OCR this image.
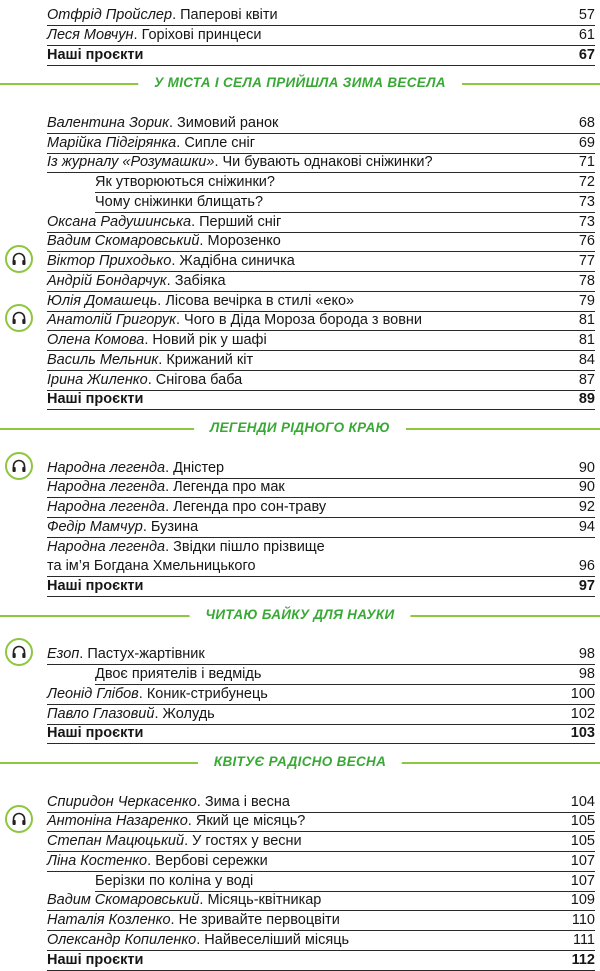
Отфрід Пройслер. Паперові квіти	57
Леся Мовчун. Горіхові принцеси	61
Наші проєкти	67
У МІСТА І СЕЛА ПРИЙШЛА ЗИМА ВЕСЕЛА
Валентина Зорик. Зимовий ранок	68
Марійка Підгірянка. Сипле сніг	69
Із журналу «Розумашки». Чи бувають однакові сніжинки?	71
Як утворюються сніжинки?	72
Чому сніжинки блищать?	73
Оксана Радушинська. Перший сніг	73
Вадим Скомаровський. Морозенко	76
Віктор Приходько. Жадібна синичка	77
Андрій Бондарчук. Забіяка	78
Юлія Домашець. Лісова вечірка в стилі «еко»	79
Анатолій Григорук. Чого в Діда Мороза борода з вовни	81
Олена Комова. Новий рік у шафі	81
Василь Мельник. Крижаний кіт	84
Ірина Жиленко. Снігова баба	87
Наші проєкти	89
ЛЕГЕНДИ РІДНОГО КРАЮ
Народна легенда. Дністер	90
Народна легенда. Легенда про мак	90
Народна легенда. Легенда про сон-траву	92
Федір Мамчур. Бузина	94
Народна легенда. Звідки пішло прізвище
та ім’я Богдана Хмельницького	96
Наші проєкти	97
ЧИТАЮ БАЙКУ ДЛЯ НАУКИ
Езоп. Пастух-жартівник	98
Двоє приятелів і ведмідь	98
Леонід Глібов. Коник-стрибунець	100
Павло Глазовий. Жолудь	102
Наші проєкти	103
КВІТУЄ РАДІСНО ВЕСНА
Спиридон Черкасенко. Зима і весна	104
Антоніна Назаренко. Який це місяць?	105
Степан Мацюцький. У гостях у весни	105
Ліна Костенко. Вербові сережки	107
Берізки по коліна у воді	107
Вадим Скомаровський. Місяць-квітникар	109
Наталія Козленко. Не зривайте первоцвіти	110
Олександр Копиленко. Найвеселіший місяць	111
Наші проєкти	112
